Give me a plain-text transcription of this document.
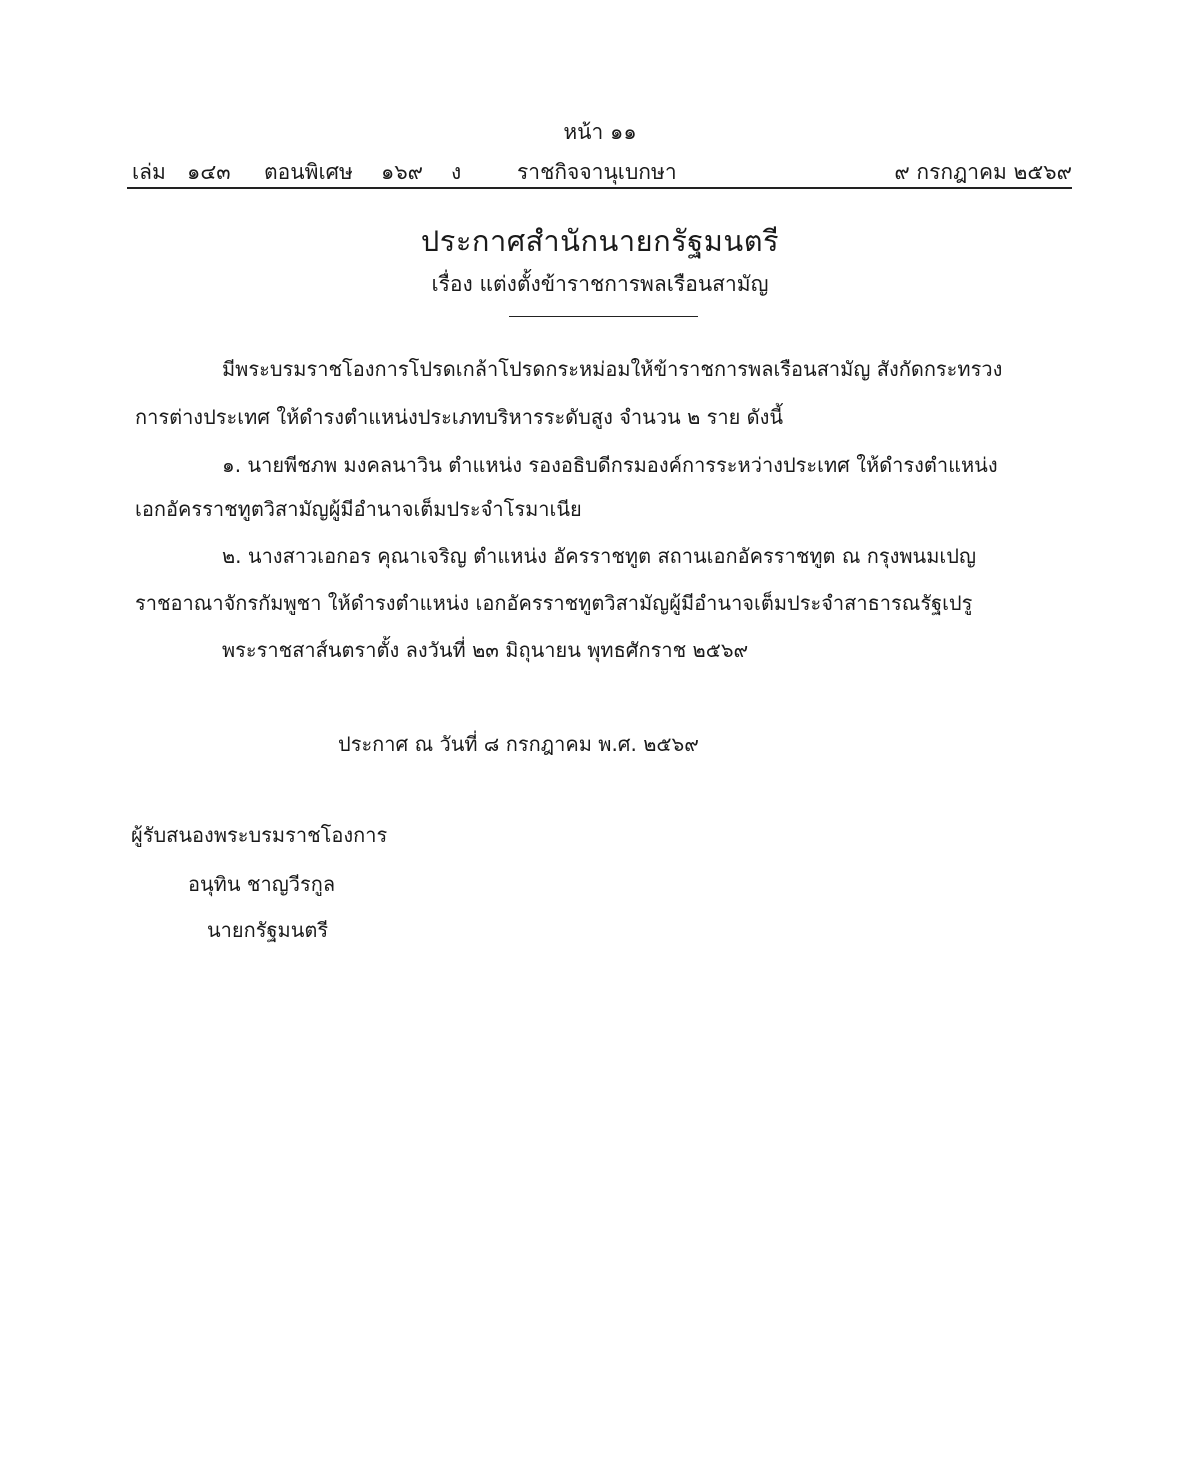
หน้า ๑๑
เล่ม ๑๔๓ ตอนพิเศษ ๑๖๙ ง	ราชกิจจานุเบกษา	๙ กรกฎาคม ๒๕๖๙
ประกาศสำนักนายกรัฐมนตรี
เรื่อง แต่งตั้งข้าราชการพลเรือนสามัญ
มีพระบรมราชโองการโปรดเกล้าโปรดกระหม่อมให้ข้าราชการพลเรือนสามัญ สังกัดกระทรวง
การต่างประเทศ ให้ดำรงตำแหน่งประเภทบริหารระดับสูง จำนวน ๒ ราย ดังนี้
๑. นายพีชภพ มงคลนาวิน ตำแหน่ง รองอธิบดีกรมองค์การระหว่างประเทศ ให้ดำรงตำแหน่ง
เอกอัครราชทูตวิสามัญผู้มีอำนาจเต็มประจำโรมาเนีย
๒. นางสาวเอกอร คุณาเจริญ ตำแหน่ง อัครราชทูต สถานเอกอัครราชทูต ณ กรุงพนมเปญ
ราชอาณาจักรกัมพูชา ให้ดำรงตำแหน่ง เอกอัครราชทูตวิสามัญผู้มีอำนาจเต็มประจำสาธารณรัฐเปรู
พระราชสาส์นตราตั้ง ลงวันที่ ๒๓ มิถุนายน พุทธศักราช ๒๕๖๙
ประกาศ ณ วันที่ ๘ กรกฎาคม พ.ศ. ๒๕๖๙
ผู้รับสนองพระบรมราชโองการ
อนุทิน ชาญวีรกูล
นายกรัฐมนตรี
